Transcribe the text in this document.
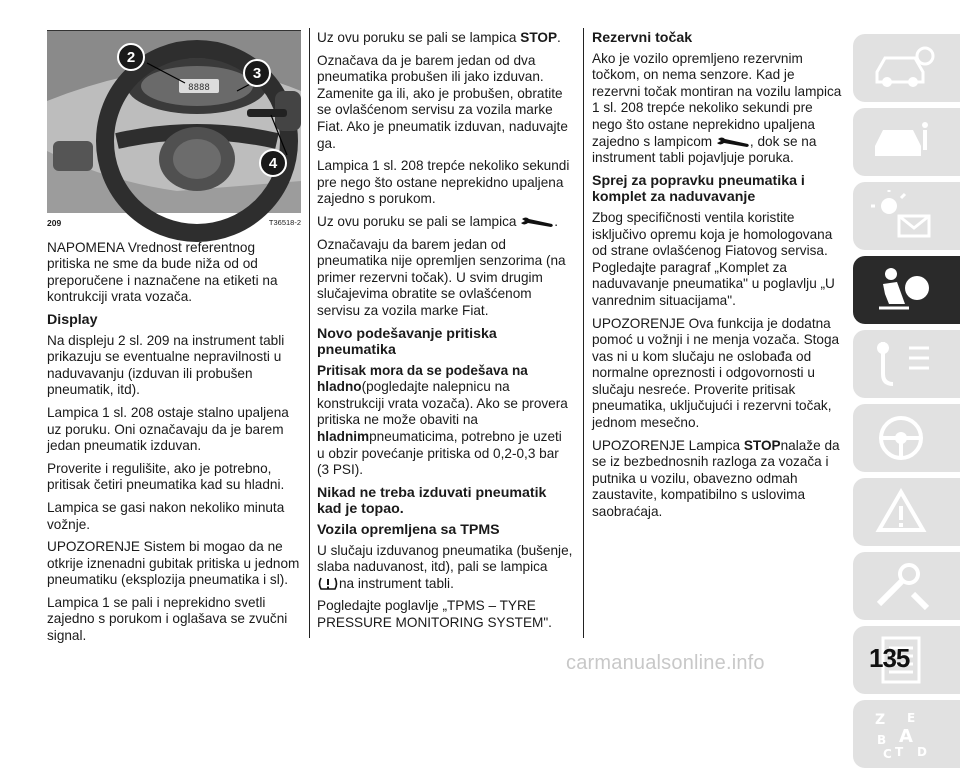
8888
2
3
4
209	T36518-2

NAPOMENA Vrednost referentnog pritiska ne sme da bude niža od od preporučene i naznačene na etiketi na kontrukciji vrata vozača.

Display

Na displeju 2 sl. 209 na instrument tabli prikazuju se eventualne nepravilnosti u naduvavanju (izduvan ili probušen pneumatik, itd).

Lampica 1 sl. 208 ostaje stalno upaljena uz poruku. Oni označavaju da je barem jedan pneumatik izduvan.

Proverite i regulišite, ako je potrebno, pritisak četiri pneumatika kad su hladni.

Lampica se gasi nakon nekoliko minuta vožnje.

UPOZORENJE Sistem bi mogao da ne otkrije iznenadni gubitak pritiska u jednom pneumatiku (eksplozija pneumatika i sl).

Lampica 1 se pali i neprekidno svetli zajedno s porukom i oglašava se zvučni signal.

Uz ovu poruku se pali se lampica STOP.

Označava da je barem jedan od dva pneumatika probušen ili jako izduvan. Zamenite ga ili, ako je probušen, obratite se ovlašćenom servisu za vozila marke Fiat. Ako je pneumatik izduvan, naduvajte ga.

Lampica 1 sl. 208 trepće nekoliko sekundi pre nego što ostane neprekidno upaljena zajedno s porukom.

Uz ovu poruku se pali se lampica	.

Označavaju da barem jedan od pneumatika nije opremljen senzorima (na primer rezervni točak). U svim drugim slučajevima obratite se ovlašćenom servisu za vozila marke Fiat.

Novo podešavanje pritiska pneumatika

Pritisak mora da se podešava na hladno(pogledajte nalepnicu na konstrukciji vrata vozača). Ako se provera pritiska ne može obaviti na hladnimpneumaticima, potrebno je uzeti u obzir povećanje pritiska od 0,2-0,3 bar (3 PSI).

Nikad ne treba izduvati pneumatik kad je topao.
Vozila opremljena sa TPMS

U slučaju izduvanog pneumatika (bušenje, slaba naduvanost, itd), pali se lampica na instrument tabli.

Pogledajte poglavlje „TPMS – TYRE PRESSURE MONITORING SYSTEM".

Rezervni točak

Ako je vozilo opremljeno rezervnim točkom, on nema senzore. Kad je rezervni točak montiran na vozilu lampica 1 sl. 208 trepće nekoliko sekundi pre nego što ostane neprekidno upaljena zajedno s lampicom	, dok se na instrument tabli pojavljuje poruka.

Sprej za popravku pneumatika i komplet za naduvavanje

Zbog specifičnosti ventila koristite isključivo opremu koja je homologovana od strane ovlašćenog Fiatovog servisa. Pogledajte paragraf „Komplet za naduvavanje pneumatika" u poglavlju „U vanrednim situacijama".

UPOZORENJE Ova funkcija je dodatna pomoć u vožnji i ne menja vozača. Stoga vas ni u kom slučaju ne oslobađa od normalne opreznosti i odgovornosti u slučaju nesreće. Proverite pritisak pneumatika, uključujući i rezervni točak, jednom mesečno.

UPOZORENJE Lampica STOPnalaže da se iz bezbednosnih razloga za vozača i putnika u vozilu, obavezno odmah zaustavite, kompatibilno s uslovima saobraćaja.

Z E
A
B
C T D
carmanualsonline.info	135
